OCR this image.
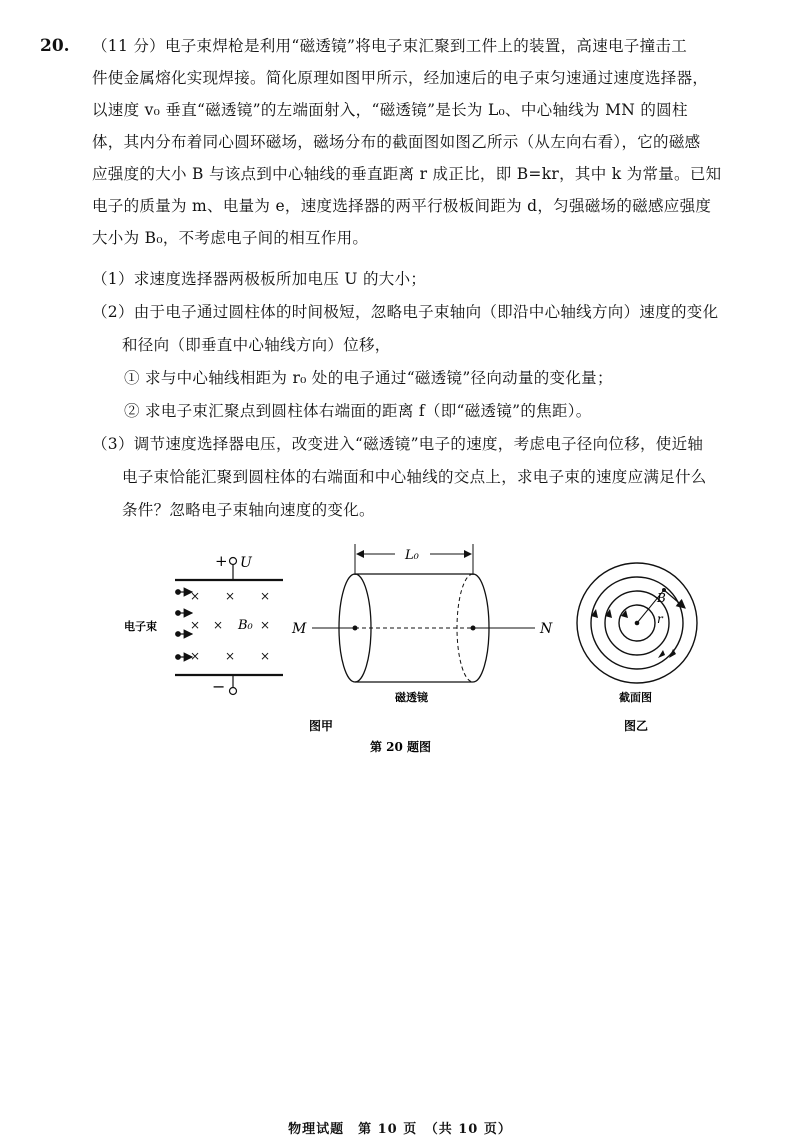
20. （11 分）电子束焊枪是利用“磁透镜”将电子束汇聚到工件上的装置，高速电子撞击工
件使金属熔化实现焊接。简化原理如图甲所示，经加速后的电子束匀速通过速度选择器，
以速度 v₀ 垂直“磁透镜”的左端面射入，“磁透镜”是长为 L₀、中心轴线为 MN 的圆柱
体，其内分布着同心圆环磁场，磁场分布的截面图如图乙所示（从左向右看），它的磁感
应强度的大小 B 与该点到中心轴线的垂直距离 r 成正比，即 B=kr，其中 k 为常量。已知
电子的质量为 m、电量为 e，速度选择器的两平行极板间距为 d，匀强磁场的磁感应强度
大小为 B₀，不考虑电子间的相互作用。
（1）求速度选择器两极板所加电压 U 的大小；
（2）由于电子通过圆柱体的时间极短，忽略电子束轴向（即沿中心轴线方向）速度的变化
和径向（即垂直中心轴线方向）位移，
① 求与中心轴线相距为 r₀ 处的电子通过“磁透镜”径向动量的变化量；
② 求电子束汇聚点到圆柱体右端面的距离 f（即“磁透镜”的焦距）。
（3）调节速度选择器电压，改变进入“磁透镜”电子的速度，考虑电子径向位移，使近轴
电子束恰能汇聚到圆柱体的右端面和中心轴线的交点上，求电子束的速度应满足什么
条件？忽略电子束轴向速度的变化。
+ U
−
电子束
× × ×
× ×	×
× × ×
B₀
L₀
M	N
磁透镜
B
r
截面图
图甲	图乙
第 20 题图
物理试题　第 10 页　（共 10 页）
